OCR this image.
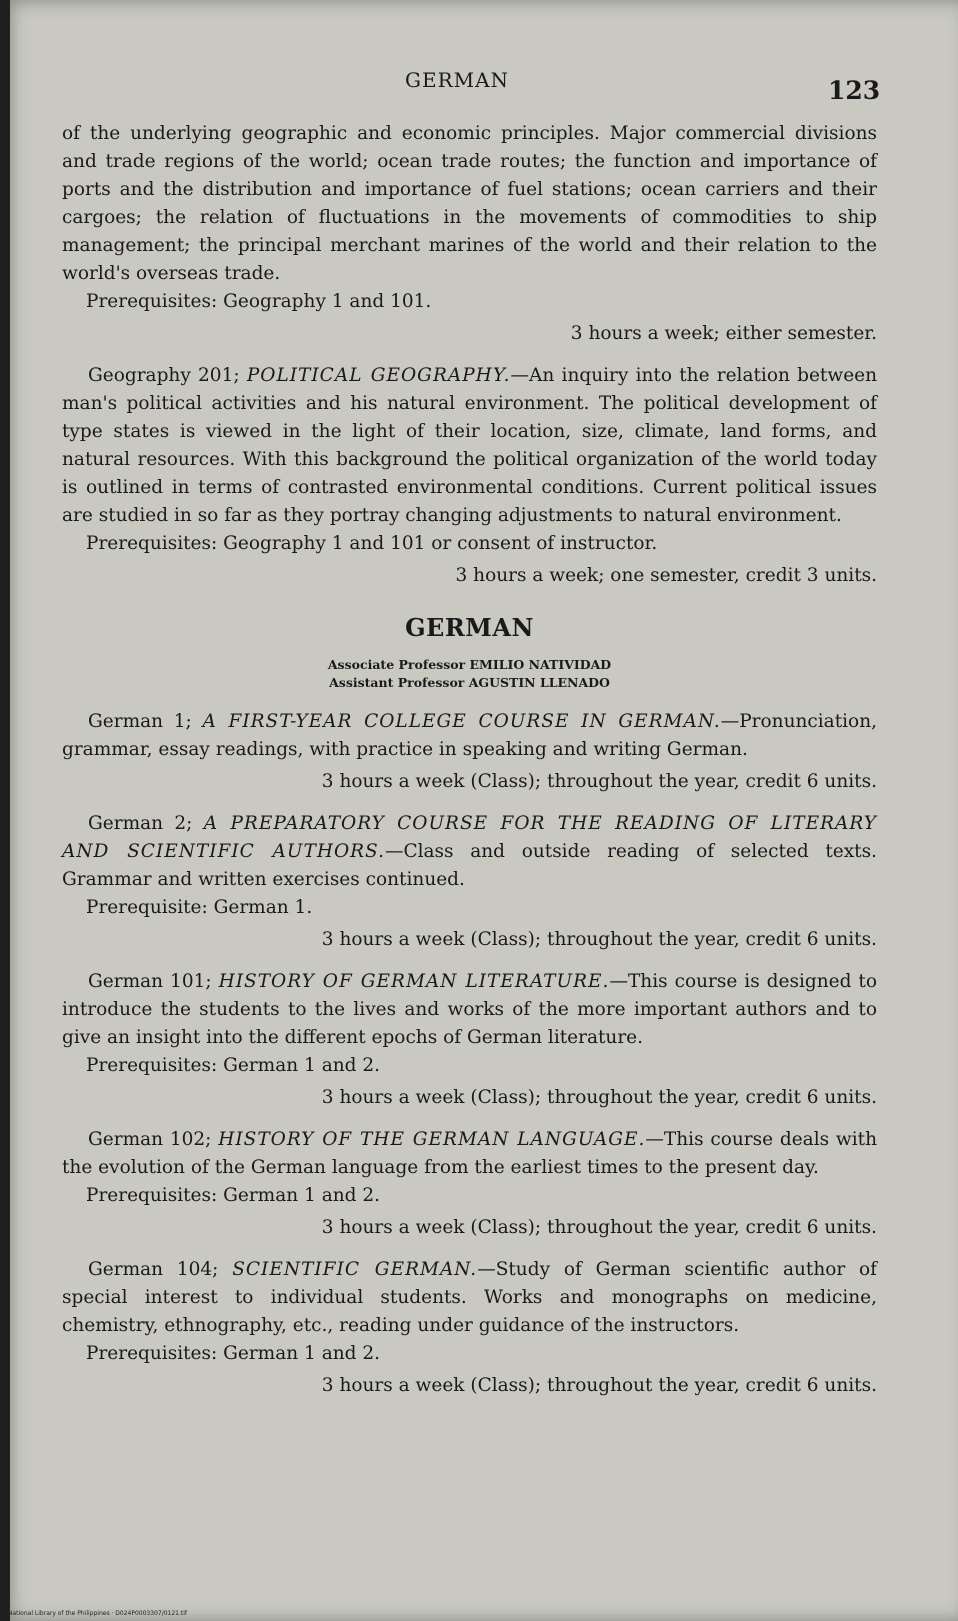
GERMAN	123

of the underlying geographic and economic principles. Major commercial divisions and trade regions of the world; ocean trade routes; the function and importance of ports and the distribution and importance of fuel stations; ocean carriers and their cargoes; the relation of fluctuations in the movements of commodities to ship management; the principal merchant marines of the world and their relation to the world's overseas trade.

Prerequisites: Geography 1 and 101.

3 hours a week; either semester.

Geography 201; POLITICAL GEOGRAPHY.—An inquiry into the relation between man's political activities and his natural environment. The political development of type states is viewed in the light of their location, size, climate, land forms, and natural resources. With this background the political organization of the world today is outlined in terms of contrasted environmental conditions. Current political issues are studied in so far as they portray changing adjustments to natural environment.

Prerequisites: Geography 1 and 101 or consent of instructor.

3 hours a week; one semester, credit 3 units.

GERMAN

Associate Professor EMILIO NATIVIDAD
Assistant Professor AGUSTIN LLENADO

German 1; A FIRST-YEAR COLLEGE COURSE IN GERMAN.—Pronunciation, grammar, essay readings, with practice in speaking and writing German.

3 hours a week (Class); throughout the year, credit 6 units.

German 2; A PREPARATORY COURSE FOR THE READING OF LITERARY AND SCIENTIFIC AUTHORS.—Class and outside reading of selected texts. Grammar and written exercises continued.

Prerequisite: German 1.

3 hours a week (Class); throughout the year, credit 6 units.

German 101; HISTORY OF GERMAN LITERATURE.—This course is designed to introduce the students to the lives and works of the more important authors and to give an insight into the different epochs of German literature.

Prerequisites: German 1 and 2.

3 hours a week (Class); throughout the year, credit 6 units.

German 102; HISTORY OF THE GERMAN LANGUAGE.—This course deals with the evolution of the German language from the earliest times to the present day.

Prerequisites: German 1 and 2.

3 hours a week (Class); throughout the year, credit 6 units.

German 104; SCIENTIFIC GERMAN.—Study of German scientific author of special interest to individual students. Works and monographs on medicine, chemistry, ethnography, etc., reading under guidance of the instructors.

Prerequisites: German 1 and 2.

3 hours a week (Class); throughout the year, credit 6 units.

National Library of the Philippines · D024P0003307/0121.tif
